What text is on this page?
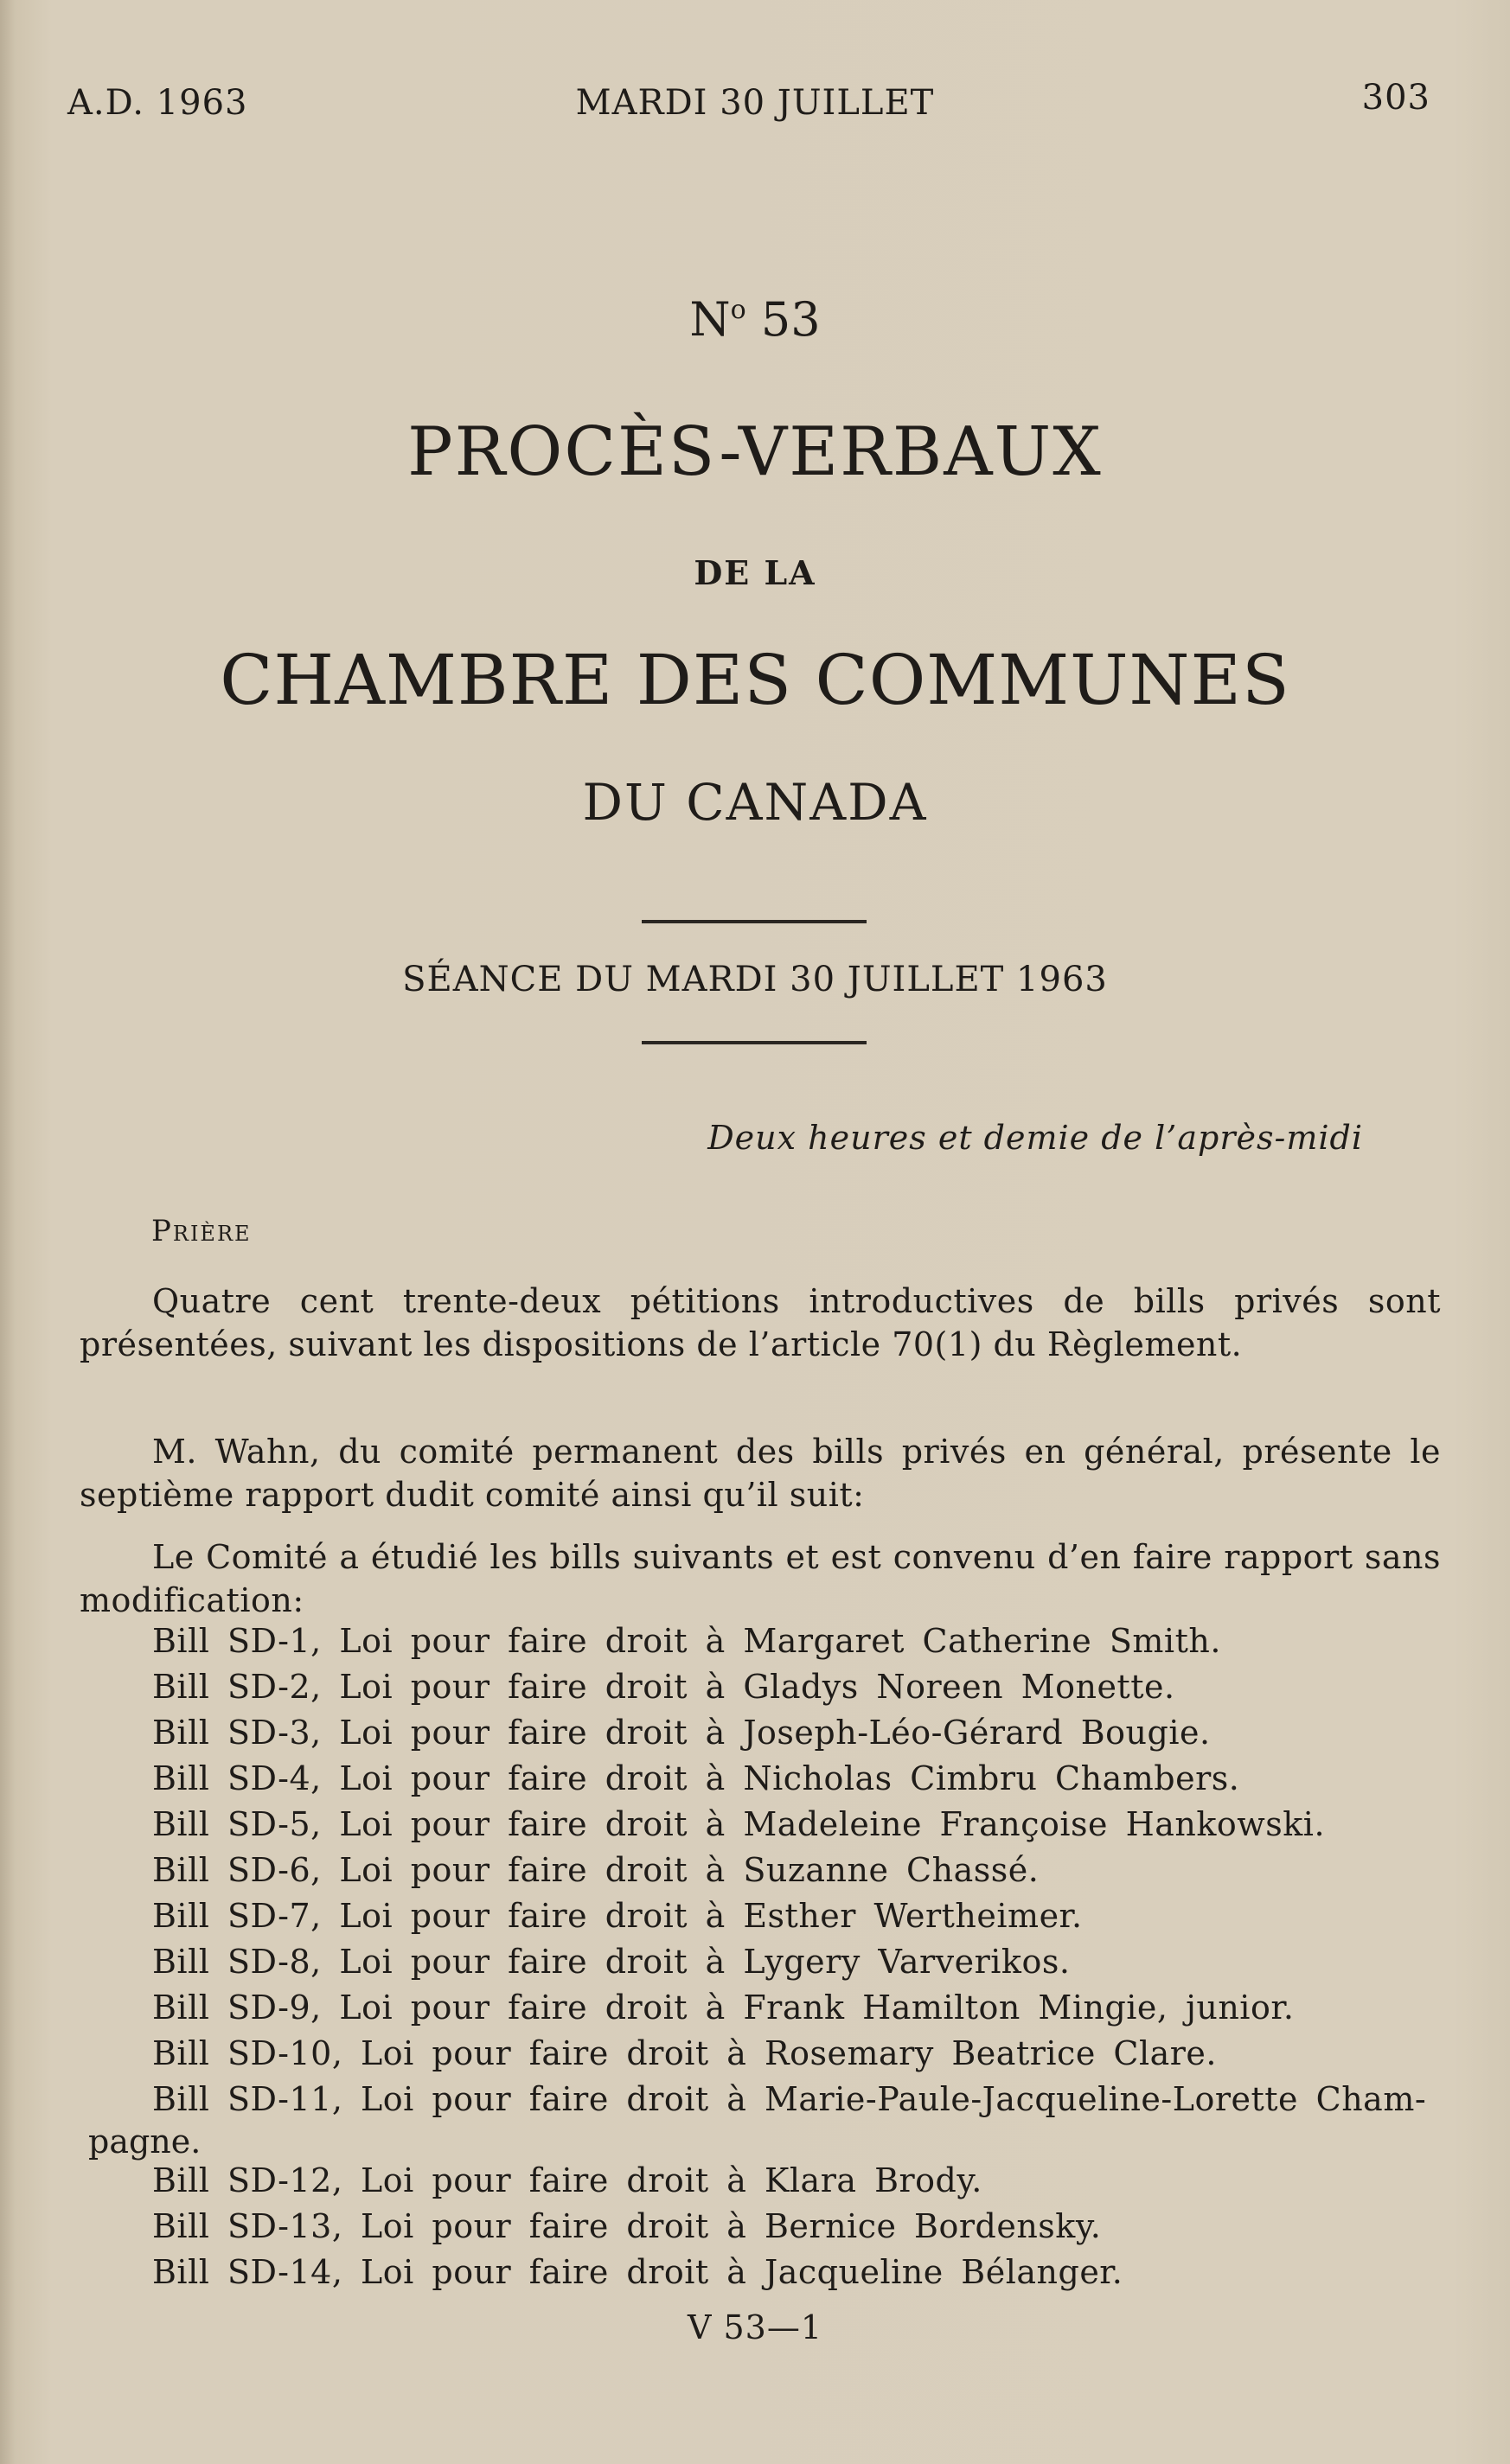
A.D. 1963	MARDI 30 JUILLET	303
$N^o$ 53
PROCÈS-VERBAUX
DE LA
CHAMBRE DES COMMUNES
DU CANADA
SÉANCE DU MARDI 30 JUILLET 1963
Deux heures et demie de l’après-midi
Prière
Quatre cent trente-deux pétitions introductives de bills privés sont présentées, suivant les dispositions de l’article 70(1) du Règlement.
M. Wahn, du comité permanent des bills privés en général, présente le septième rapport dudit comité ainsi qu’il suit:
Le Comité a étudié les bills suivants et est convenu d’en faire rapport sans modification:
Bill SD-1, Loi pour faire droit à Margaret Catherine Smith.
Bill SD-2, Loi pour faire droit à Gladys Noreen Monette.
Bill SD-3, Loi pour faire droit à Joseph-Léo-Gérard Bougie.
Bill SD-4, Loi pour faire droit à Nicholas Cimbru Chambers.
Bill SD-5, Loi pour faire droit à Madeleine Françoise Hankowski.
Bill SD-6, Loi pour faire droit à Suzanne Chassé.
Bill SD-7, Loi pour faire droit à Esther Wertheimer.
Bill SD-8, Loi pour faire droit à Lygery Varverikos.
Bill SD-9, Loi pour faire droit à Frank Hamilton Mingie, junior.
Bill SD-10, Loi pour faire droit à Rosemary Beatrice Clare.
Bill SD-11, Loi pour faire droit à Marie-Paule-Jacqueline-Lorette Cham-
pagne.
Bill SD-12, Loi pour faire droit à Klara Brody.
Bill SD-13, Loi pour faire droit à Bernice Bordensky.
Bill SD-14, Loi pour faire droit à Jacqueline Bélanger.
V 53—1
